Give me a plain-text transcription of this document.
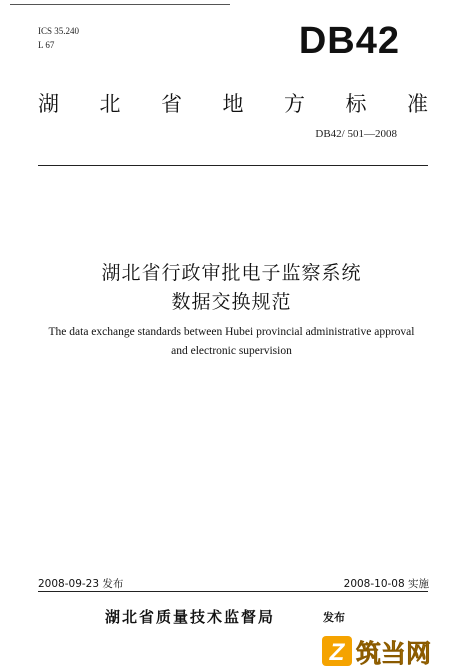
ICS 35.240
L 67	DB42
湖 北 省 地 方 标 准
DB42/ 501—2008
湖北省行政审批电子监察系统
数据交换规范
The data exchange standards between Hubei provincial administrative approval
and electronic supervision
2008-09-23 发布	2008-10-08 实施
湖北省质量技术监督局	发布
Z 筑当网
